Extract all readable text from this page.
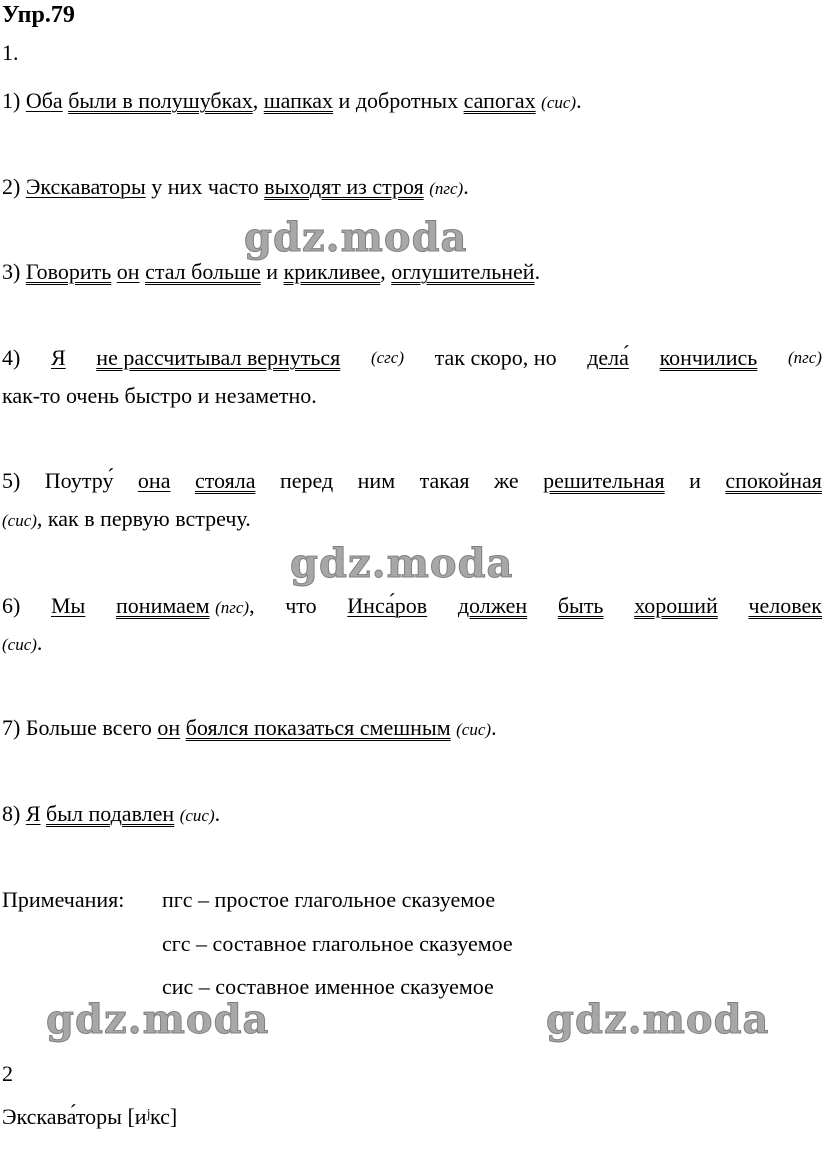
Упр.79
1.
1) Оба были в полушубках, шапках и добротных сапогах (сис).
2) Экскаваторы у них часто выходят из строя (пгс).
gdz.moda
3) Говорить он стал больше и крикливее, оглушительней.
4) Я не рассчитывал вернуться (сгс) так скоро, но дела́ кончились (пгс)
как-то очень быстро и незаметно.
5) Поутру́ она стояла перед ним такая же решительная и спокойная
(сис), как в первую встречу.
gdz.moda
6) Мы понимаем (пгс), что Инса́ров должен быть хороший человек
(сис).
7) Больше всего он боялся показаться смешным (сис).
8) Я был подавлен (сис).
Примечания: пгс – простое глагольное сказуемое
сгс – составное глагольное сказуемое
сис – составное именное сказуемое
gdz.moda	gdz.moda
2
Экскава́торы [иʲкс]
